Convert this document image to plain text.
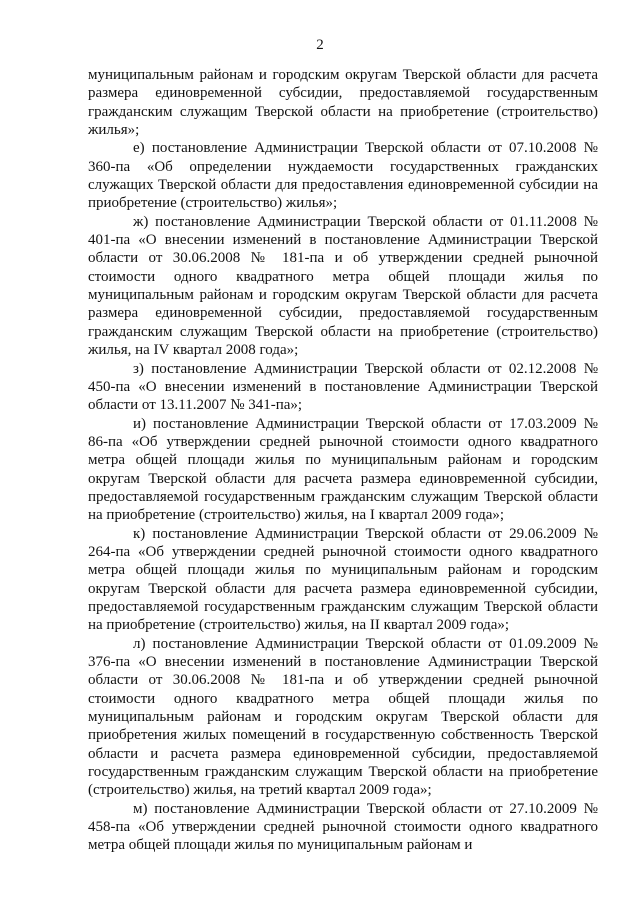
2

муниципальным районам и городским округам Тверской области для расчета размера единовременной субсидии, предоставляемой государственным гражданским служащим Тверской области на приобретение (строительство) жилья»;

е) постановление Администрации Тверской области от 07.10.2008 № 360-па «Об определении нуждаемости государственных гражданских служащих Тверской области для предоставления единовременной субсидии на приобретение (строительство) жилья»;

ж) постановление Администрации Тверской области от 01.11.2008 № 401-па «О внесении изменений в постановление Администрации Тверской области от 30.06.2008 № 181-па и об утверждении средней рыночной стоимости одного квадратного метра общей площади жилья по муниципальным районам и городским округам Тверской области для расчета размера единовременной субсидии, предоставляемой государственным гражданским служащим Тверской области на приобретение (строительство) жилья, на IV квартал 2008 года»;

з) постановление Администрации Тверской области от 02.12.2008 № 450-па «О внесении изменений в постановление Администрации Тверской области от 13.11.2007 № 341-па»;

и) постановление Администрации Тверской области от 17.03.2009 № 86-па «Об утверждении средней рыночной стоимости одного квадратного метра общей площади жилья по муниципальным районам и городским округам Тверской области для расчета размера единовременной субсидии, предоставляемой государственным гражданским служащим Тверской области на приобретение (строительство) жилья, на I квартал 2009 года»;

к) постановление Администрации Тверской области от 29.06.2009 № 264-па «Об утверждении средней рыночной стоимости одного квадратного метра общей площади жилья по муниципальным районам и городским округам Тверской области для расчета размера единовременной субсидии, предоставляемой государственным гражданским служащим Тверской области на приобретение (строительство) жилья, на II квартал 2009 года»;

л) постановление Администрации Тверской области от 01.09.2009 № 376-па «О внесении изменений в постановление Администрации Тверской области от 30.06.2008 № 181-па и об утверждении средней рыночной стоимости одного квадратного метра общей площади жилья по муниципальным районам и городским округам Тверской области для приобретения жилых помещений в государственную собственность Тверской области и расчета размера единовременной субсидии, предоставляемой государственным гражданским служащим Тверской области на приобретение (строительство) жилья, на третий квартал 2009 года»;

м) постановление Администрации Тверской области от 27.10.2009 № 458-па «Об утверждении средней рыночной стоимости одного квадратного метра общей площади жилья по муниципальным районам и
